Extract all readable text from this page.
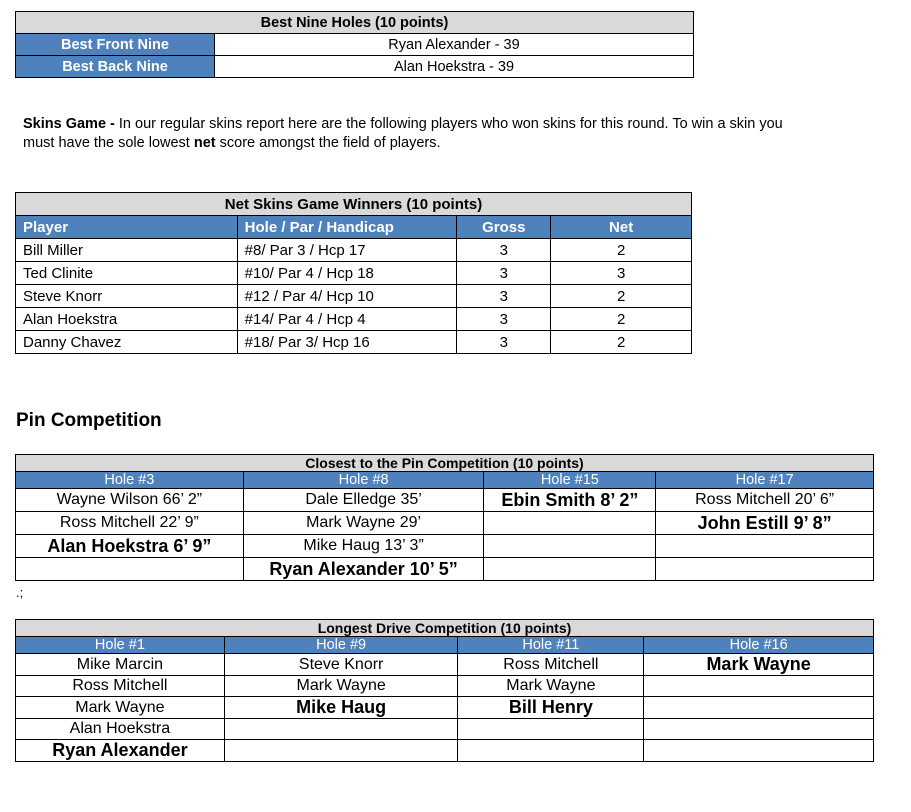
Best Nine Holes (10 points)	
Best Front Nine	Ryan Alexander - 39
Best Back Nine	Alan Hoekstra - 39
Skins Game - In our regular skins report here are the following players who won skins for this round. To win a skin you must have the sole lowest net score amongst the field of players.
Net Skins Game Winners (10 points)			
Player	Hole / Par / Handicap	Gross	Net
Bill Miller	#8/ Par 3 / Hcp 17	3	2
Ted Clinite	#10/ Par 4 / Hcp 18	3	3
Steve Knorr	#12 / Par 4/ Hcp 10	3	2
Alan Hoekstra	#14/ Par 4 / Hcp 4	3	2
Danny Chavez	#18/ Par 3/ Hcp 16	3	2
Pin Competition
Closest to the Pin Competition (10 points)			
Hole #3	Hole #8	Hole #15	Hole #17
Wayne Wilson 66’ 2”	Dale Elledge 35’	Ebin Smith 8’ 2”	Ross Mitchell 20’ 6”
Ross Mitchell 22’ 9”	Mark Wayne 29’		John Estill 9’ 8”
Alan Hoekstra 6’ 9”	Mike Haug 13’ 3”		
	Ryan Alexander 10’ 5”		
.;
Longest Drive Competition (10 points)			
Hole #1	Hole #9	Hole #11	Hole #16
Mike Marcin	Steve Knorr	Ross Mitchell	Mark Wayne
Ross Mitchell	Mark Wayne	Mark Wayne	
Mark Wayne	Mike Haug	Bill Henry	
Alan Hoekstra			
Ryan Alexander			
